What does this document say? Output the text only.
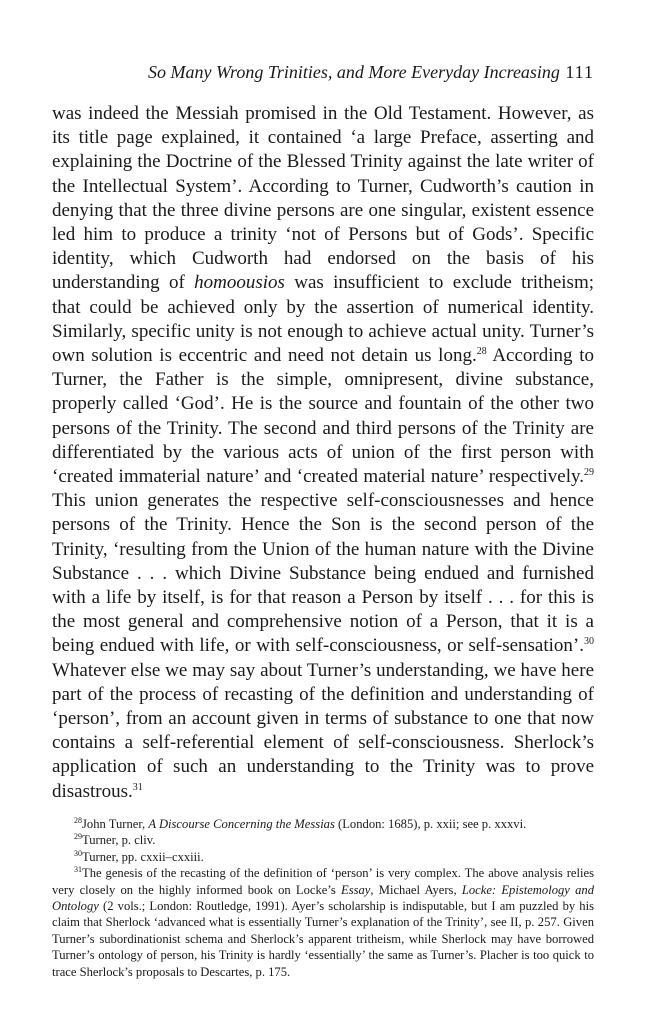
So Many Wrong Trinities, and More Everyday Increasing 111

was indeed the Messiah promised in the Old Testament. However, as its title page explained, it contained ‘a large Preface, asserting and explaining the Doctrine of the Blessed Trinity against the late writer of the Intellectual System’. According to Turner, Cudworth’s caution in denying that the three divine persons are one singular, existent essence led him to produce a trinity ‘not of Persons but of Gods’. Specific identity, which Cudworth had endorsed on the basis of his understanding of homoousios was insufficient to exclude tritheism; that could be achieved only by the assertion of numerical identity. Similarly, specific unity is not enough to achieve actual unity. Turner’s own solution is eccentric and need not detain us long.$^{28}$ According to Turner, the Father is the simple, omnipresent, divine substance, properly called ‘God’. He is the source and fountain of the other two persons of the Trinity. The second and third persons of the Trinity are differentiated by the various acts of union of the first person with ‘created immaterial nature’ and ‘created material nature’ respectively.$^{29}$ This union generates the respective self-consciousnesses and hence persons of the Trinity. Hence the Son is the second person of the Trinity, ‘resulting from the Union of the human nature with the Divine Substance . . . which Divine Substance being endued and furnished with a life by itself, is for that reason a Person by itself . . . for this is the most general and comprehensive notion of a Person, that it is a being endued with life, or with self-consciousness, or self-sensation’.$^{30}$ Whatever else we may say about Turner’s understanding, we have here part of the process of recasting of the definition and understanding of ‘person’, from an account given in terms of substance to one that now contains a self-referential element of self-consciousness. Sherlock’s application of such an understanding to the Trinity was to prove disastrous.$^{31}$

$^{28}$John Turner, A Discourse Concerning the Messias (London: 1685), p. xxii; see p. xxxvi.

$^{29}$Turner, p. cliv.

$^{30}$Turner, pp. cxxii–cxxiii.

$^{31}$The genesis of the recasting of the definition of ‘person’ is very complex. The above analysis relies very closely on the highly informed book on Locke’s Essay, Michael Ayers, Locke: Epistemology and Ontology (2 vols.; London: Routledge, 1991). Ayer’s scholarship is indisputable, but I am puzzled by his claim that Sherlock ‘advanced what is essentially Turner’s explanation of the Trinity’, see II, p. 257. Given Turner’s subordinationist schema and Sherlock’s apparent tritheism, while Sherlock may have borrowed Turner’s ontology of person, his Trinity is hardly ‘essentially’ the same as Turner’s. Placher is too quick to trace Sherlock’s proposals to Descartes, p. 175.
